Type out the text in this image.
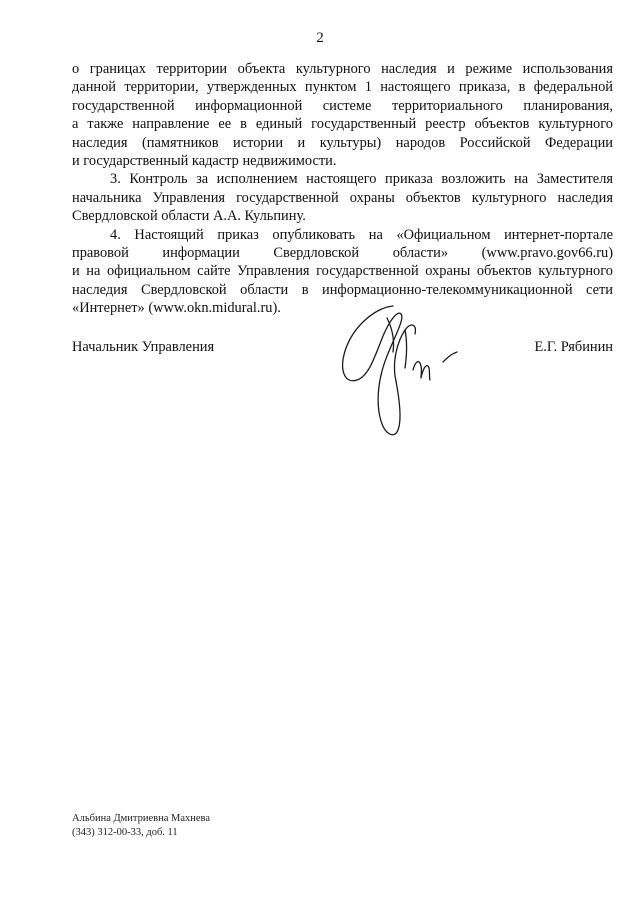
2
о границах территории объекта культурного наследия и режиме использования
данной территории, утвержденных пунктом 1 настоящего приказа, в федеральной
государственной информационной системе территориального планирования,
а также направление ее в единый государственный реестр объектов культурного
наследия (памятников истории и культуры) народов Российской Федерации
и государственный кадастр недвижимости.
3. Контроль за исполнением настоящего приказа возложить на Заместителя
начальника Управления государственной охраны объектов культурного наследия
Свердловской области А.А. Кульпину.
4. Настоящий приказ опубликовать на «Официальном интернет-портале
правовой информации Свердловской области» (www.pravo.gov66.ru)
и на официальном сайте Управления государственной охраны объектов культурного
наследия Свердловской области в информационно-телекоммуникационной сети
«Интернет» (www.okn.midural.ru).
Начальник Управления	Е.Г. Рябинин
Альбина Дмитриевна Махнева
(343) 312-00-33, доб. 11
